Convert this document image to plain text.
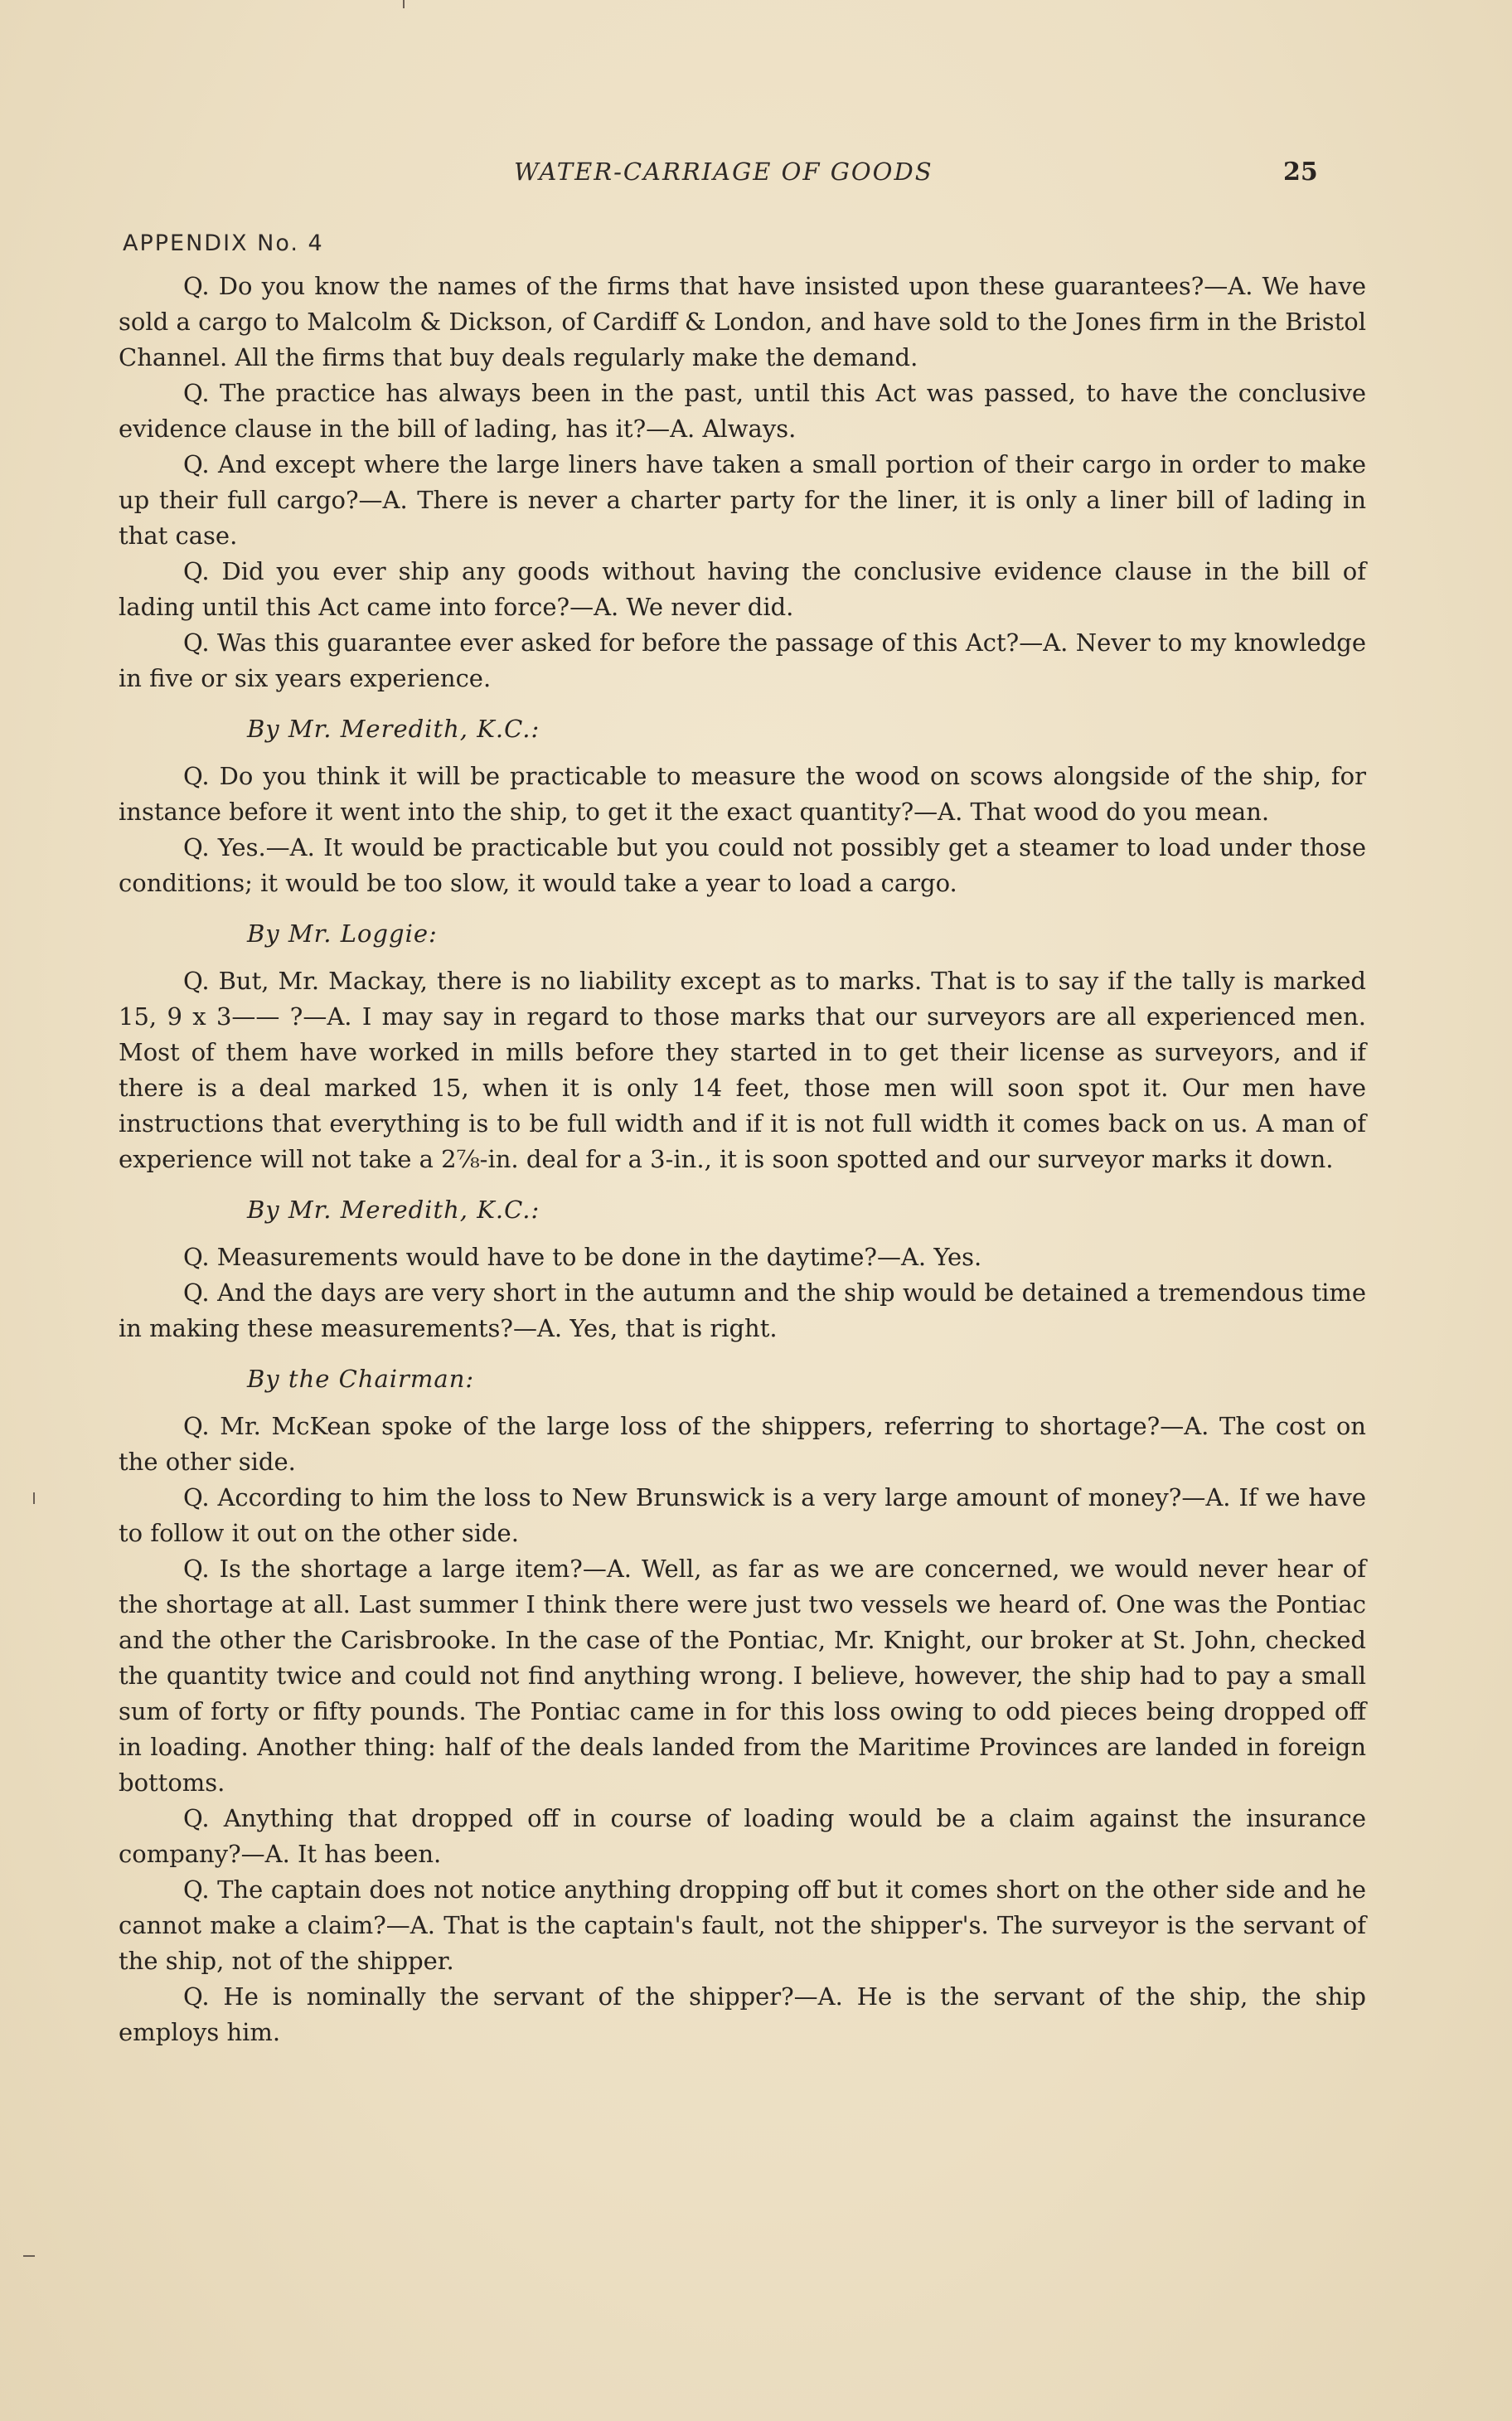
WATER-CARRIAGE OF GOODS	25
APPENDIX No. 4

Q. Do you know the names of the firms that have insisted upon these guarantees?—A. We have sold a cargo to Malcolm & Dickson, of Cardiff & London, and have sold to the Jones firm in the Bristol Channel. All the firms that buy deals regularly make the demand.

Q. The practice has always been in the past, until this Act was passed, to have the conclusive evidence clause in the bill of lading, has it?—A. Always.

Q. And except where the large liners have taken a small portion of their cargo in order to make up their full cargo?—A. There is never a charter party for the liner, it is only a liner bill of lading in that case.

Q. Did you ever ship any goods without having the conclusive evidence clause in the bill of lading until this Act came into force?—A. We never did.

Q. Was this guarantee ever asked for before the passage of this Act?—A. Never to my knowledge in five or six years experience.

By Mr. Meredith, K.C.:

Q. Do you think it will be practicable to measure the wood on scows alongside of the ship, for instance before it went into the ship, to get it the exact quantity?—A. That wood do you mean.

Q. Yes.—A. It would be practicable but you could not possibly get a steamer to load under those conditions; it would be too slow, it would take a year to load a cargo.

By Mr. Loggie:

Q. But, Mr. Mackay, there is no liability except as to marks. That is to say if the tally is marked 15, 9 x 3—— ?—A. I may say in regard to those marks that our surveyors are all experienced men. Most of them have worked in mills before they started in to get their license as surveyors, and if there is a deal marked 15, when it is only 14 feet, those men will soon spot it. Our men have instructions that everything is to be full width and if it is not full width it comes back on us. A man of experience will not take a 2⅞-in. deal for a 3-in., it is soon spotted and our surveyor marks it down.

By Mr. Meredith, K.C.:

Q. Measurements would have to be done in the daytime?—A. Yes.

Q. And the days are very short in the autumn and the ship would be detained a tremendous time in making these measurements?—A. Yes, that is right.

By the Chairman:

Q. Mr. McKean spoke of the large loss of the shippers, referring to shortage?—A. The cost on the other side.

Q. According to him the loss to New Brunswick is a very large amount of money?—A. If we have to follow it out on the other side.

Q. Is the shortage a large item?—A. Well, as far as we are concerned, we would never hear of the shortage at all. Last summer I think there were just two vessels we heard of. One was the Pontiac and the other the Carisbrooke. In the case of the Pontiac, Mr. Knight, our broker at St. John, checked the quantity twice and could not find anything wrong. I believe, however, the ship had to pay a small sum of forty or fifty pounds. The Pontiac came in for this loss owing to odd pieces being dropped off in loading. Another thing: half of the deals landed from the Maritime Provinces are landed in foreign bottoms.

Q. Anything that dropped off in course of loading would be a claim against the insurance company?—A. It has been.

Q. The captain does not notice anything dropping off but it comes short on the other side and he cannot make a claim?—A. That is the captain's fault, not the shipper's. The surveyor is the servant of the ship, not of the shipper.

Q. He is nominally the servant of the shipper?—A. He is the servant of the ship, the ship employs him.
